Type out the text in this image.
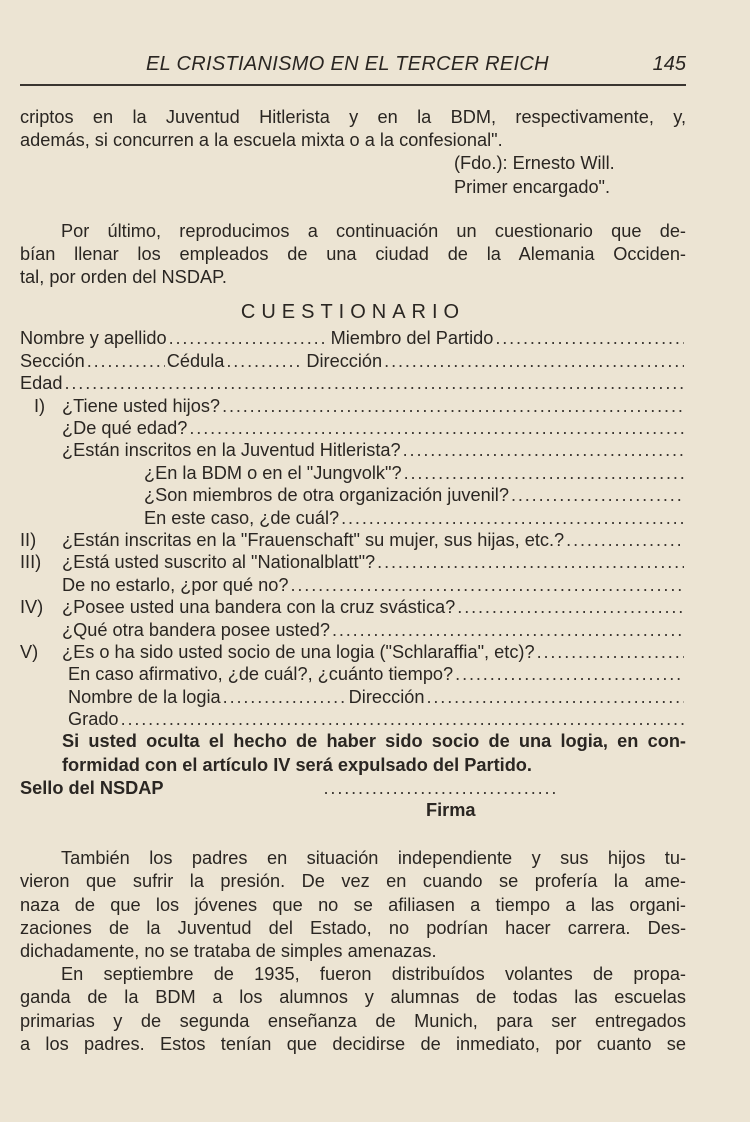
EL CRISTIANISMO EN EL TERCER REICH	145
criptos en la Juventud Hitlerista y en la BDM, respectivamente, y,
además, si concurren a la escuela mixta o a la confesional".
(Fdo.): Ernesto Will.
Primer encargado".
Por último, reproducimos a continuación un cuestionario que de-
bían llenar los empleados de una ciudad de la Alemania Occiden-
tal, por orden del NSDAP.
CUESTIONARIO
Nombre y apellido . . .	Miembro del Partido
. . .
Sección . . .	Cédula . . .	Dirección
. . .
Edad
. . .
I) ¿Tiene usted hijos?
. . .
¿De qué edad?
. . .
¿Están inscritos en la Juventud Hitlerista?
. . .
¿En la BDM o en el "Jungvolk"?
. . .
¿Son miembros de otra organización juvenil?
. . .
En este caso, ¿de cuál?
. . .
II)	¿Están inscritas en la "Frauenschaft" su mujer, sus hijas, etc.?
. . .
III)	¿Está usted suscrito al "Nationalblatt"?
. . .
De no estarlo, ¿por qué no?
. . .
IV)	¿Posee usted una bandera con la cruz svástica?
. . .
¿Qué otra bandera posee usted?
. . .
V)	¿Es o ha sido usted socio de una logia ("Schlaraffia", etc)?
. . .
En caso afirmativo, ¿de cuál?, ¿cuánto tiempo?
. . .
Nombre de la logia . . .	Dirección
. . .
Grado
. . .
Si usted oculta el hecho de haber sido socio de una logia, en con-
formidad con el artículo IV será expulsado del Partido.
Sello del NSDAP
. . .
Firma
También los padres en situación independiente y sus hijos tu-
vieron que sufrir la presión. De vez en cuando se profería la ame-
naza de que los jóvenes que no se afiliasen a tiempo a las organi-
zaciones de la Juventud del Estado, no podrían hacer carrera. Des-
dichadamente, no se trataba de simples amenazas.
En septiembre de 1935, fueron distribuídos volantes de propa-
ganda de la BDM a los alumnos y alumnas de todas las escuelas
primarias y de segunda enseñanza de Munich, para ser entregados
a los padres. Estos tenían que decidirse de inmediato, por cuanto se
